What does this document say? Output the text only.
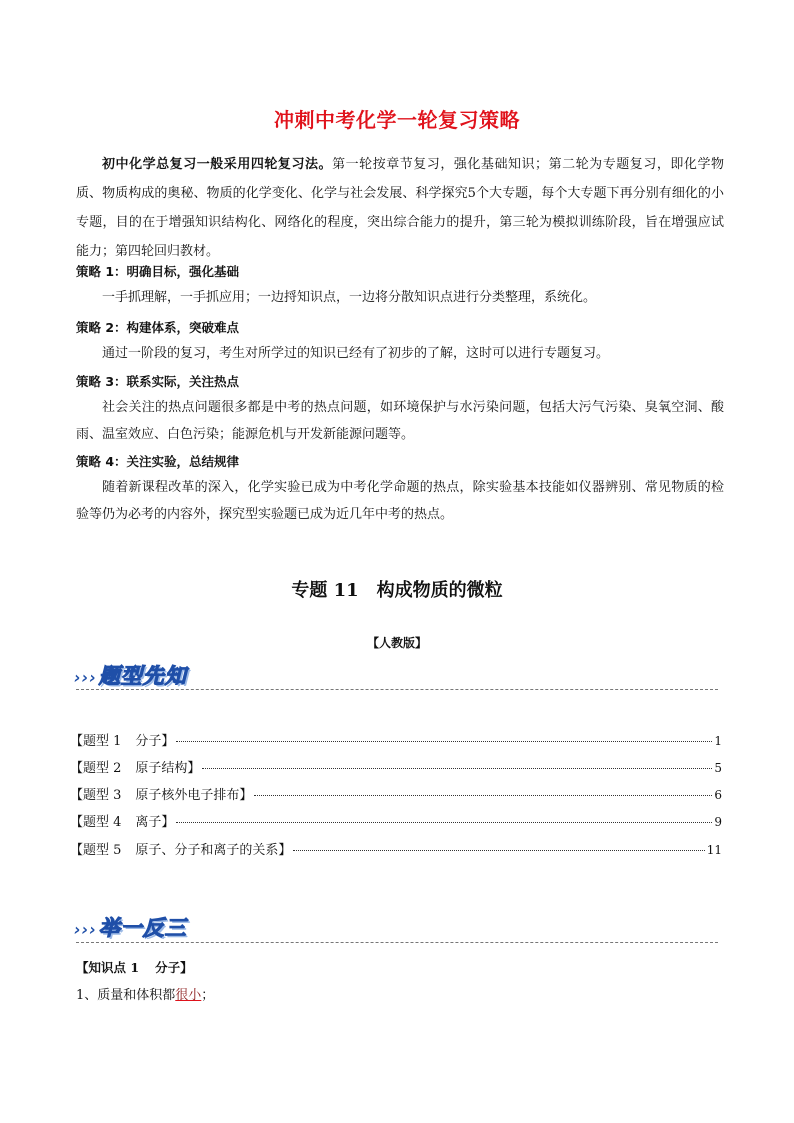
冲刺中考化学一轮复习策略
初中化学总复习一般采用四轮复习法。第一轮按章节复习，强化基础知识；第二轮为专题复习，即化学物质、物质构成的奥秘、物质的化学变化、化学与社会发展、科学探究5个大专题，每个大专题下再分别有细化的小专题，目的在于增强知识结构化、网络化的程度，突出综合能力的提升，第三轮为模拟训练阶段，旨在增强应试能力；第四轮回归教材。
策略 1：明确目标，强化基础
一手抓理解，一手抓应用；一边捋知识点，一边将分散知识点进行分类整理，系统化。
策略 2：构建体系，突破难点
通过一阶段的复习，考生对所学过的知识已经有了初步的了解，这时可以进行专题复习。
策略 3：联系实际，关注热点
社会关注的热点问题很多都是中考的热点问题，如环境保护与水污染问题，包括大污气污染、臭氧空洞、酸雨、温室效应、白色污染；能源危机与开发新能源问题等。
策略 4：关注实验，总结规律
随着新课程改革的深入，化学实验已成为中考化学命题的热点，除实验基本技能如仪器辨别、常见物质的检验等仍为必考的内容外，探究型实验题已成为近几年中考的热点。
专题 11 构成物质的微粒
【人教版】
›››题型先知
【题型 1 分子】	1
【题型 2 原子结构】	5
【题型 3 原子核外电子排布】	6
【题型 4 离子】	9
【题型 5 原子、分子和离子的关系】	11
›››举一反三
【知识点 1 分子】
1、质量和体积都很小；
